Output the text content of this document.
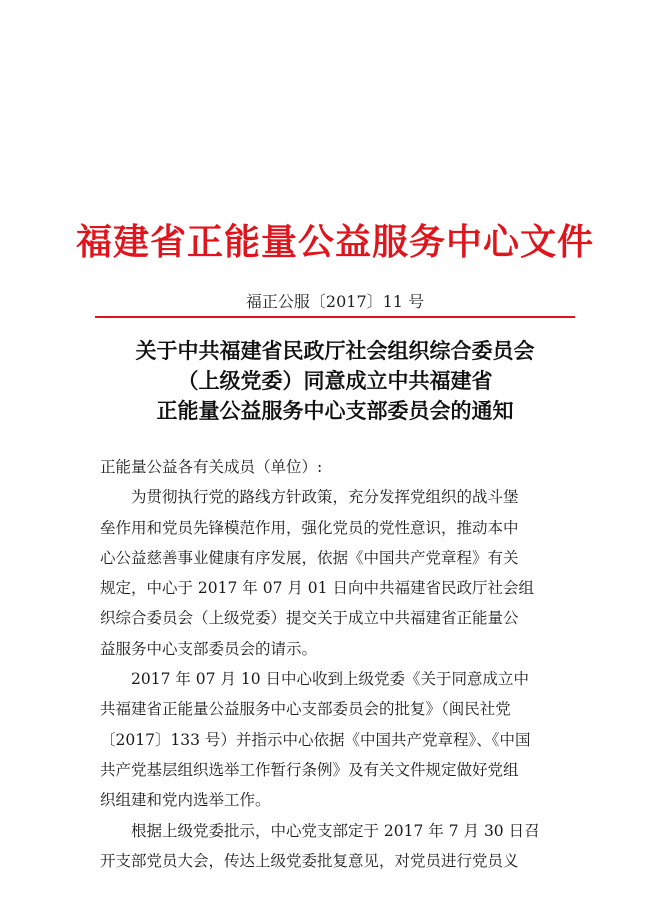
福建省正能量公益服务中心文件
福正公服〔2017〕11 号
关于中共福建省民政厅社会组织综合委员会
（上级党委）同意成立中共福建省
正能量公益服务中心支部委员会的通知
正能量公益各有关成员（单位）:
　　为贯彻执行党的路线方针政策，充分发挥党组织的战斗堡
垒作用和党员先锋模范作用，强化党员的党性意识，推动本中
心公益慈善事业健康有序发展，依据《中国共产党章程》有关
规定，中心于 2017 年 07 月 01 日向中共福建省民政厅社会组
织综合委员会（上级党委）提交关于成立中共福建省正能量公
益服务中心支部委员会的请示。
　　2017 年 07 月 10 日中心收到上级党委《关于同意成立中
共福建省正能量公益服务中心支部委员会的批复》（闽民社党
〔2017〕133 号）并指示中心依据《中国共产党章程》、《中国
共产党基层组织选举工作暂行条例》及有关文件规定做好党组
织组建和党内选举工作。
　　根据上级党委批示，中心党支部定于 2017 年 7 月 30 日召
开支部党员大会，传达上级党委批复意见，对党员进行党员义
